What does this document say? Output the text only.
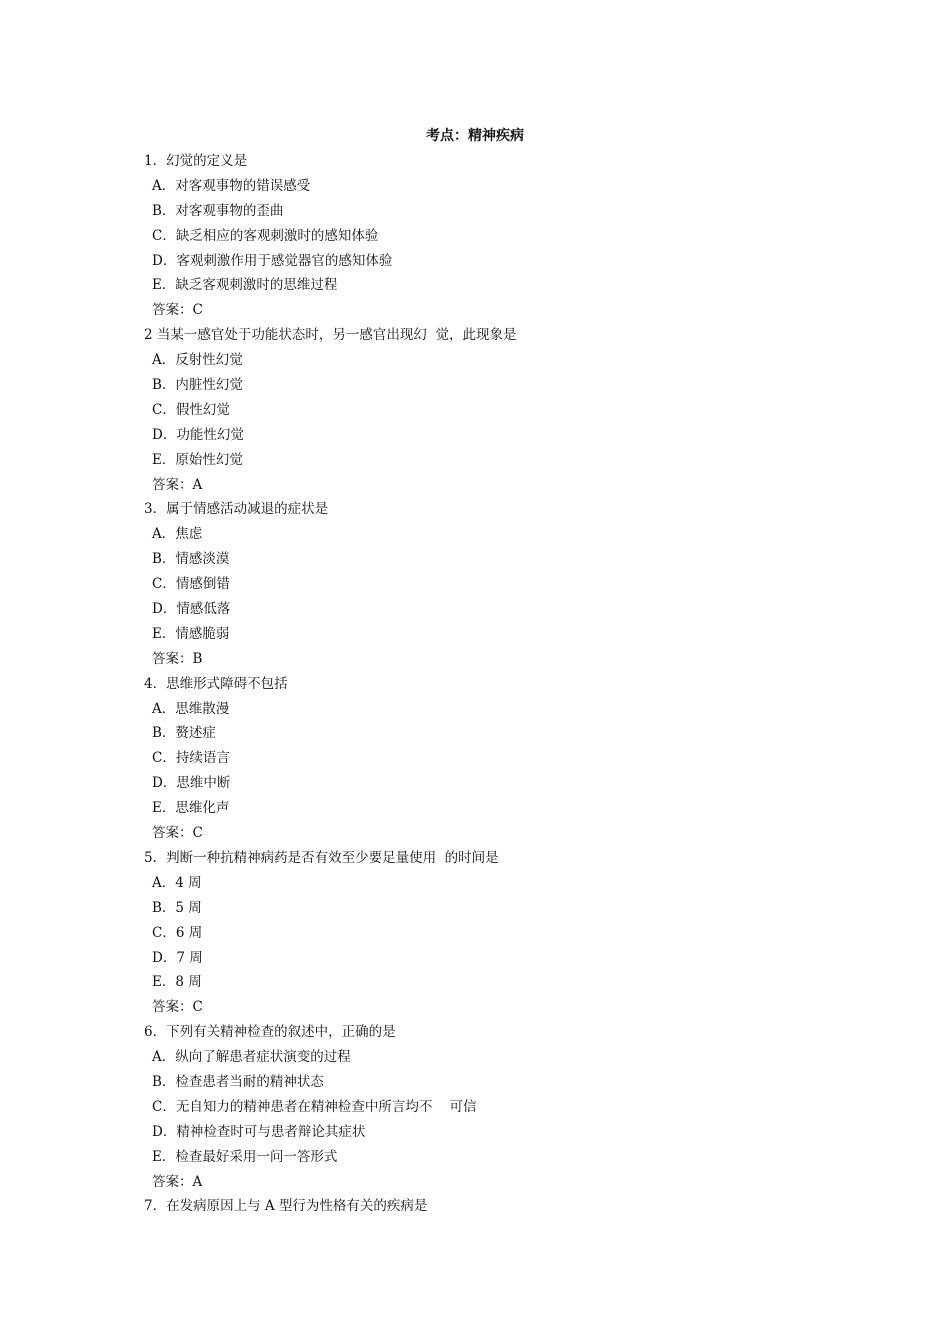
考点：精神疾病
1．幻觉的定义是
A．对客观事物的错误感受
B．对客观事物的歪曲
C．缺乏相应的客观刺激时的感知体验
D．客观刺激作用于感觉器官的感知体验
E．缺乏客观刺激时的思维过程
答案：C
2 当某一感官处于功能状态时，另一感官出现幻  觉，此现象是
A．反射性幻觉
B．内脏性幻觉
C．假性幻觉
D．功能性幻觉
E．原始性幻觉
答案：A
3．属于情感活动减退的症状是
A．焦虑
B．情感淡漠
C．情感倒错
D．情感低落
E．情感脆弱
答案：B
4．思维形式障碍不包括
A．思维散漫
B．赘述症
C．持续语言
D．思维中断
E．思维化声
答案：C
5．判断一种抗精神病药是否有效至少要足量使用  的时间是
A．4 周
B．5 周
C．6 周
D．7 周
E．8 周
答案：C
6．下列有关精神检查的叙述中，正确的是
A．纵向了解患者症状演变的过程
B．检查患者当耐的精神状态
C．无自知力的精神患者在精神检查中所言均不    可信
D．精神检查时可与患者辩论其症状
E．检查最好采用一问一答形式
答案：A
7．在发病原因上与 A 型行为性格有关的疾病是
